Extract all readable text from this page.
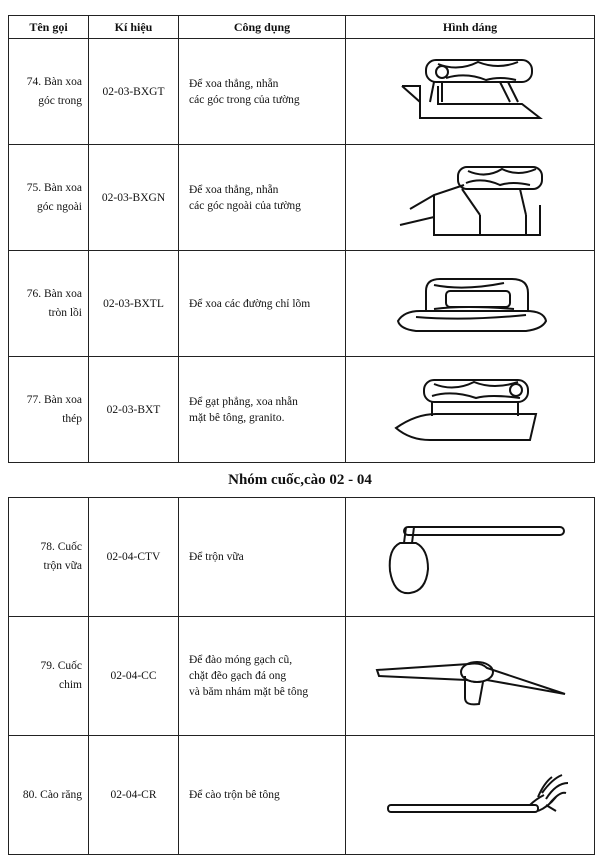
Tên gọi	Kí hiệu	Công dụng	Hình dáng

74. Bàn xoa
góc trong	02-03-BXGT	Để xoa thẳng, nhẵn
các góc trong của tường

75. Bàn xoa
góc ngoài	02-03-BXGN	Để xoa thẳng, nhẵn
các góc ngoài của tường

76. Bàn xoa
tròn lồi	02-03-BXTL	Để xoa các đường chỉ lõm

77. Bàn xoa
thép	02-03-BXT	Để gạt phẳng, xoa nhẵn
mặt bê tông, granito.

Nhóm cuốc,cào 02 - 04
78. Cuốc
trộn vữa	02-04-CTV	Để trộn vữa

79. Cuốc
chim	02-04-CC	Để đào móng gạch cũ,
chặt đẽo gạch đá ong
và băm nhám mặt bê tông

80. Cào răng	02-04-CR	Để cào trộn bê tông
